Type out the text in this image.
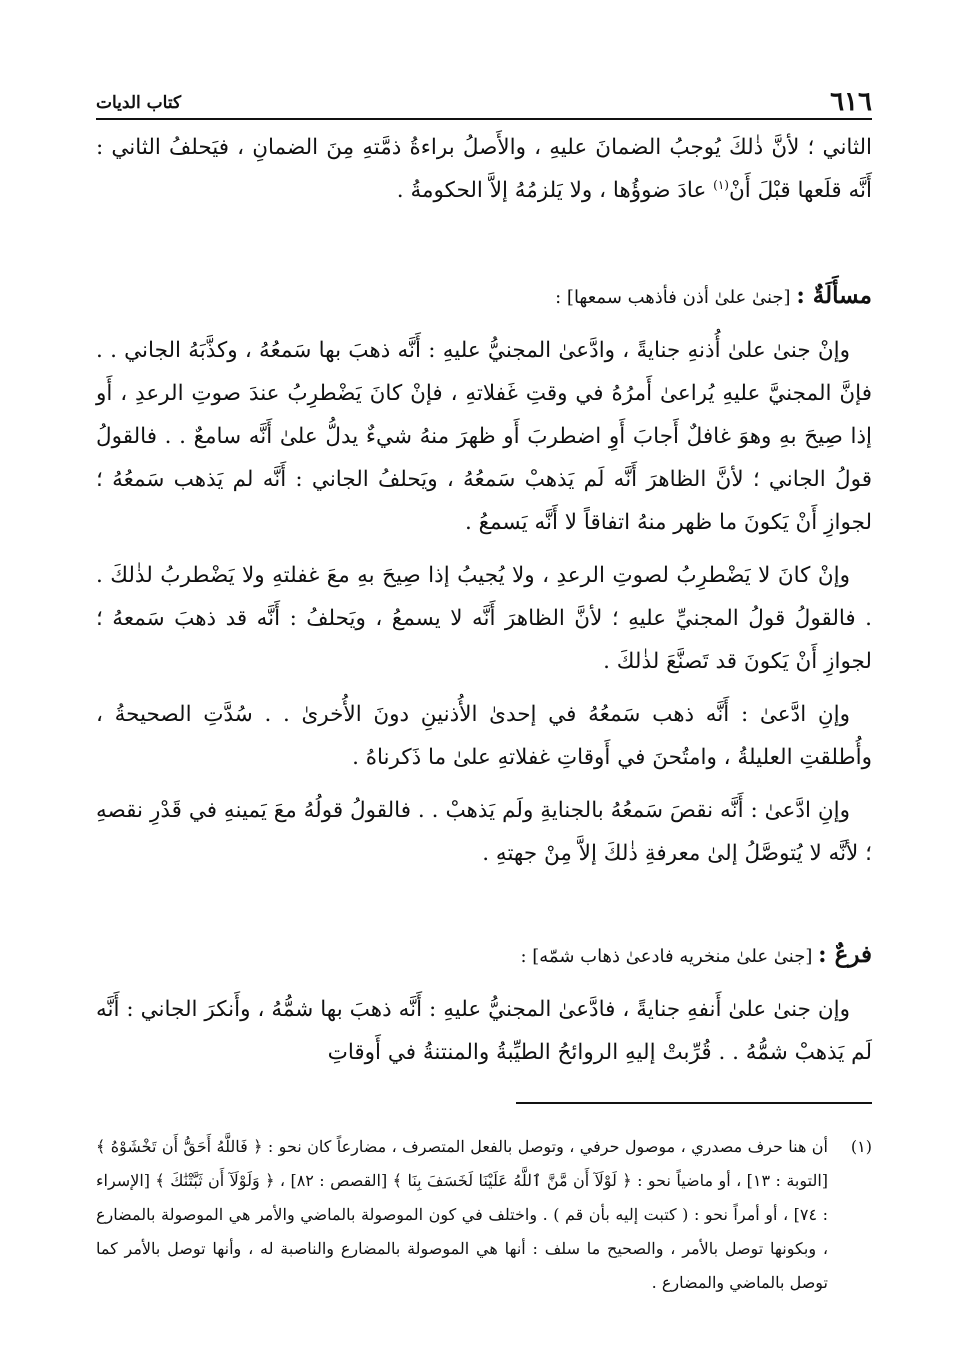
٦١٦
كتاب الديات

الثاني ؛ لأنَّ ذٰلكَ يُوجبُ الضمانَ عليهِ ، والأَصلُ براءةُ ذمَّتهِ مِنَ الضمانِ ، فيَحلفُ الثاني : أَنَّه قلَعها قبْلَ أَنْ$^{(١)}$ عادَ ضوؤُها ، ولا يَلزمُهُ إلاَّ الحكومةُ .

مسأَلَةٌ : [جنىٰ علىٰ أذن فأذهب سمعها] :

وإنْ جنىٰ علىٰ أُذنهِ جنايةً ، وادَّعىٰ المجنيُّ عليهِ : أَنَّه ذهبَ بها سَمعُهُ ، وكذَّبَهُ الجاني . . فإنَّ المجنيَّ عليهِ يُراعىٰ أَمرُهُ في وقتِ غَفلاتهِ ، فإنْ كانَ يَضْطرِبُ عندَ صوتِ الرعدِ ، أَو إذا صِيحَ بهِ وهوَ غافلٌ أَجابَ أَوِ اضطربَ أَو ظهرَ منهُ شيءٌ يدلُّ علىٰ أَنَّه سامعٌ . . فالقولُ قولُ الجاني ؛ لأنَّ الظاهرَ أَنَّه لَم يَذهبْ سَمعُهُ ، ويَحلفُ الجاني : أَنَّه لم يَذهب سَمعُهُ ؛ لجوازِ أَنْ يَكونَ ما ظهر منهُ اتفاقاً لا أَنَّه يَسمعُ .

وإنْ كانَ لا يَضْطرِبُ لصوتِ الرعدِ ، ولا يُجيبُ إذا صِيحَ بهِ معَ غفلتهِ ولا يَضْطربُ لذٰلكَ . . فالقولُ قولُ المجنيِّ عليهِ ؛ لأنَّ الظاهرَ أَنَّه لا يسمعُ ، ويَحلفُ : أَنَّه قد ذهبَ سَمعهُ ؛ لجوازِ أَنْ يَكونَ قد تَصنَّعَ لذٰلكَ .

وإنِ ادَّعىٰ : أَنَّه ذهب سَمعُهُ في إحدىٰ الأُذنينِ دونَ الأُخرىٰ . . سُدَّتِ الصحيحةُ ، وأُطلقتِ العليلةُ ، وامتُحنَ في أَوقاتِ غفلاتهِ علىٰ ما ذَكرناهُ .

وإنِ ادَّعىٰ : أَنَّه نقصَ سَمعُهُ بالجنايةِ ولَم يَذهبْ . . فالقولُ قولُهُ معَ يَمينهِ في قَدْرِ نقصهِ ؛ لأنَّه لا يُتوصَّلُ إلىٰ معرفةِ ذٰلكَ إلاَّ مِنْ جهتهِ .

فرعٌ : [جنىٰ علىٰ منخريه فادعىٰ ذهاب شمّه] :

وإن جنىٰ علىٰ أَنفهِ جنايةً ، فادَّعىٰ المجنيُّ عليهِ : أَنَّه ذهبَ بها شمُّهُ ، وأَنكرَ الجاني : أَنَّه لَم يَذهبْ شمُّهُ . . قُرِّبتْ إليهِ الروائحُ الطيِّبةُ والمنتنةُ في أَوقاتِ

(١)
أن هنا حرف مصدري ، موصول حرفي ، وتوصل بالفعل المتصرف ، مضارعاً كان نحو : ﴿ فَاللَّهُ أَحَقُّ أَن تَخْشَوْهُ ﴾ [التوبة : ١٣] ، أو ماضياً نحو : ﴿ لَوْلَآ أَن مَّنَّ ٱللَّهُ عَلَيْنَا لَخَسَفَ بِنَا ﴾ [القصص : ٨٢] ، ﴿ وَلَوْلَآ أَن ثَبَّتْنَٰكَ ﴾ [الإسراء : ٧٤] ، أو أمراً نحو : ( كتبت إليه بأن قم ) . واختلف في كون الموصولة بالماضي والأمر هي الموصولة بالمضارع ، وبكونها توصل بالأمر ، والصحيح ما سلف : أنها هي الموصولة بالمضارع والناصبة له ، وأنها توصل بالأمر كما توصل بالماضي والمضارع .
